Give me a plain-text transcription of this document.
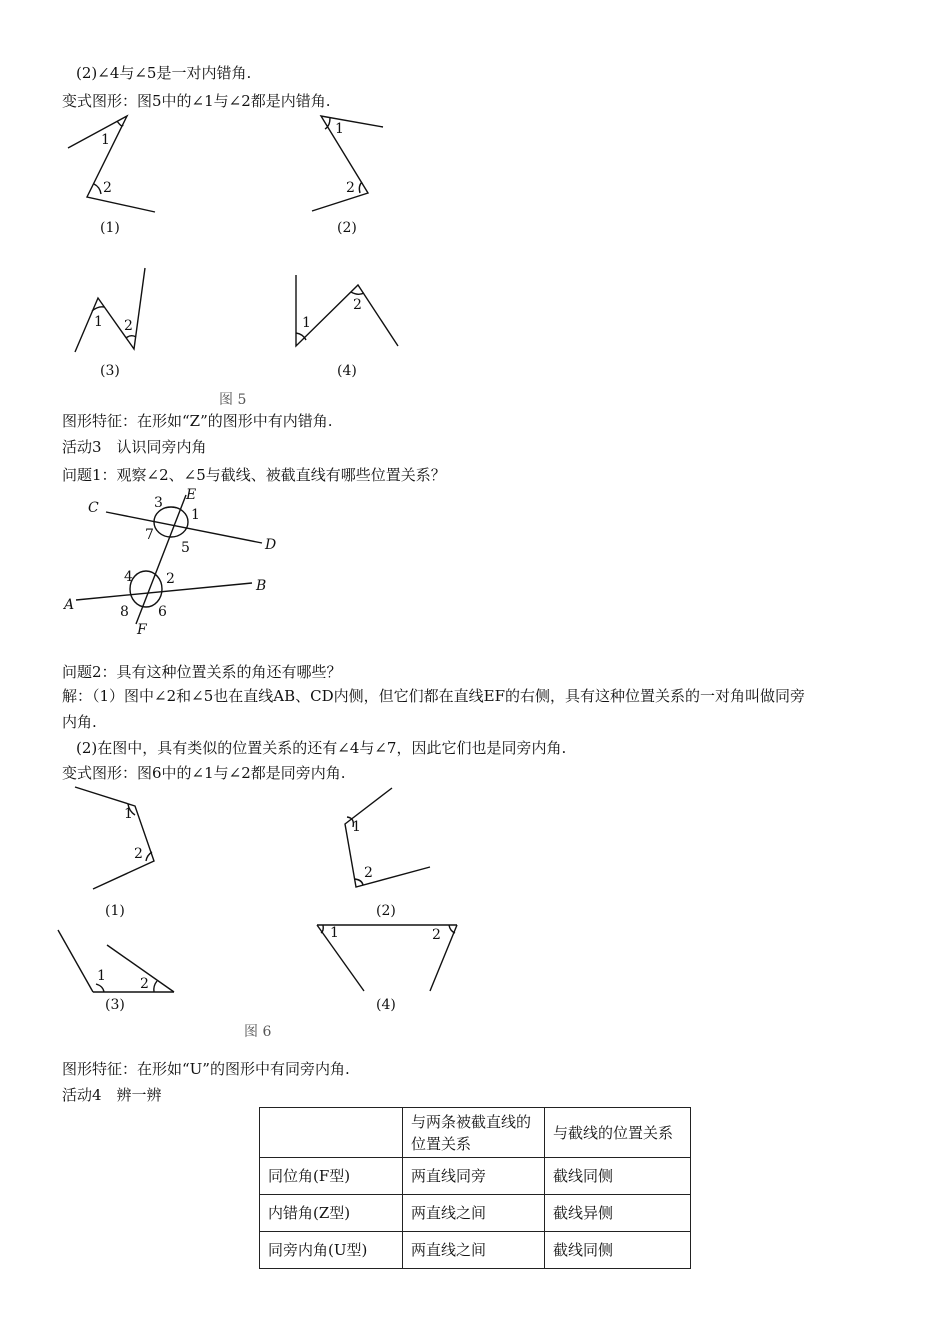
(2)∠4与∠5是一对内错角.
变式图形：图5中的∠1与∠2都是内错角.
图形特征：在形如“Z”的图形中有内错角.
活动3　认识同旁内角
问题1：观察∠2、∠5与截线、被截直线有哪些位置关系？
问题2：具有这种位置关系的角还有哪些？
解：（1）图中∠2和∠5也在直线AB、CD内侧，但它们都在直线EF的右侧，具有这种位置关系的一对角叫做同旁
内角.
(2)在图中，具有类似的位置关系的还有∠4与∠7，因此它们也是同旁内角.
变式图形：图6中的∠1与∠2都是同旁内角.
图形特征：在形如“U”的图形中有同旁内角.
活动4　辨一辨
1
2
1
2
1 2	1
2
(1)	(2)
(3)	(4)
图 5
C
D
A
B
E
F
1
2
3
4
5
6
7
8
1
2
1
2
1 2
1	2
(1)	(2)
(3)	(4)
图 6
	与两条被截直线的位置关系	与截线的位置关系
同位角(F型)	两直线同旁	截线同侧
内错角(Z型)	两直线之间	截线异侧
同旁内角(U型)	两直线之间	截线同侧
